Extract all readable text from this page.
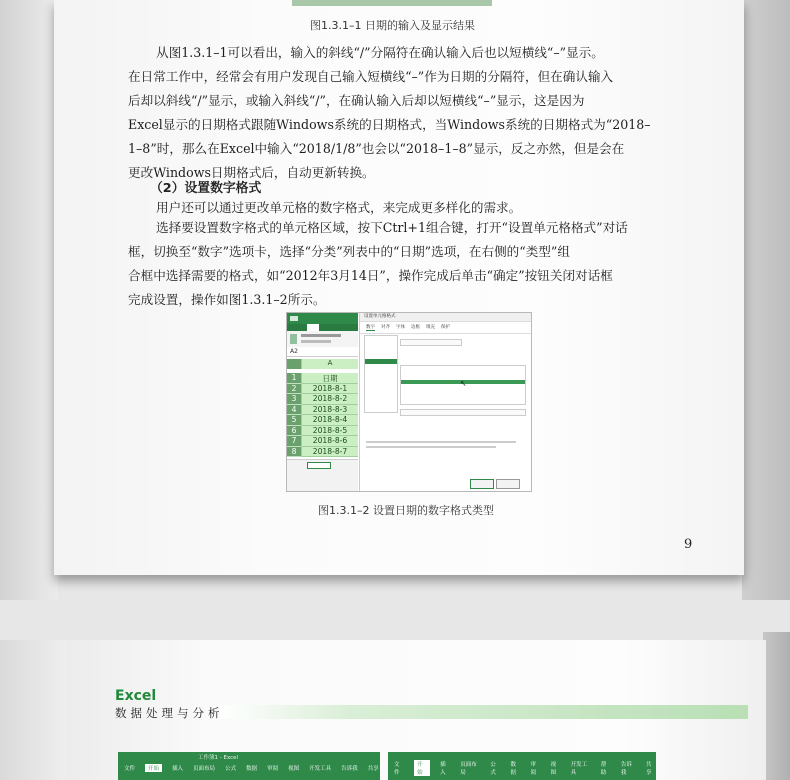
图1.3.1–1 日期的输入及显示结果

从图1.3.1–1可以看出，输入的斜线“/”分隔符在确认输入后也以短横线“–”显示。

在日常工作中，经常会有用户发现自己输入短横线“–”作为日期的分隔符，但在确认输入

后却以斜线“/”显示，或输入斜线“/”，在确认输入后却以短横线“–”显示，这是因为

Excel显示的日期格式跟随Windows系统的日期格式，当Windows系统的日期格式为“2018–

1–8”时，那么在Excel中输入“2018/1/8”也会以“2018–1–8”显示，反之亦然，但是会在

更改Windows日期格式后，自动更新转换。

（2）设置数字格式

用户还可以通过更改单元格的数字格式，来完成更多样化的需求。

选择要设置数字格式的单元格区域，按下Ctrl+1组合键，打开“设置单元格格式”对话

框，切换至“数字”选项卡，选择“分类”列表中的“日期”选项，在右侧的“类型”组

合框中选择需要的格式，如“2012年3月14日”，操作完成后单击“确定”按钮关闭对话框

完成设置，操作如图1.3.1–2所示。

A2
A
1	日期
2	2018-8-1
3	2018-8-2
4	2018-8-3
5	2018-8-4
6	2018-8-5
7	2018-8-6
8	2018-8-7
设置单元格格式
数字 对齐 字体 边框 填充 保护
↖
图1.3.1–2 设置日期的数字格式类型
9
Excel
数据处理与分析
工作簿1 - Excel
文件	开始	插入 页面布局 公式 数据 审阅 视图 开发工具 告诉我 共享
文件
开始
插入
页面布局
公式
数据
审阅
视图
开发工具
帮助
告诉我
共享
